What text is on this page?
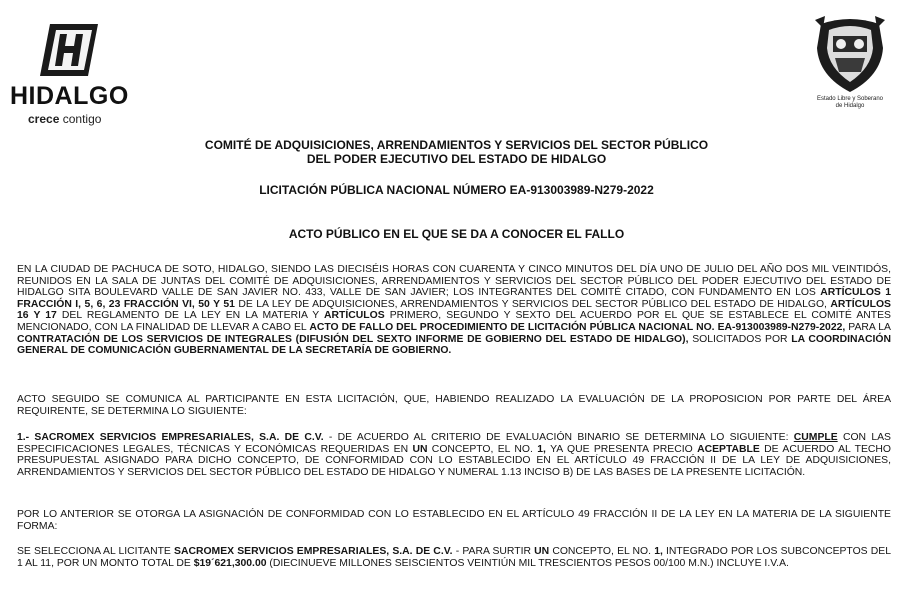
HIDALGO
crece contigo
Estado Libre y Soberano
de Hidalgo
COMITÉ DE ADQUISICIONES, ARRENDAMIENTOS Y SERVICIOS DEL SECTOR PÚBLICO
DEL PODER EJECUTIVO DEL ESTADO DE HIDALGO
LICITACIÓN PÚBLICA NACIONAL NÚMERO EA-913003989-N279-2022
ACTO PÚBLICO EN EL QUE SE DA A CONOCER EL FALLO
EN LA CIUDAD DE PACHUCA DE SOTO, HIDALGO, SIENDO LAS DIECISÉIS HORAS CON CUARENTA Y CINCO MINUTOS DEL DÍA UNO DE JULIO DEL AÑO DOS MIL VEINTIDÓS, REUNIDOS EN LA SALA DE JUNTAS DEL COMITÉ DE ADQUISICIONES, ARRENDAMIENTOS Y SERVICIOS DEL SECTOR PÚBLICO DEL PODER EJECUTIVO DEL ESTADO DE HIDALGO SITA BOULEVARD VALLE DE SAN JAVIER NO. 433, VALLE DE SAN JAVIER; LOS INTEGRANTES DEL COMITÉ CITADO, CON FUNDAMENTO EN LOS ARTÍCULOS 1 FRACCIÓN I, 5, 6, 23 FRACCIÓN VI, 50 Y 51 DE LA LEY DE ADQUISICIONES, ARRENDAMIENTOS Y SERVICIOS DEL SECTOR PÚBLICO DEL ESTADO DE HIDALGO, ARTÍCULOS 16 Y 17 DEL REGLAMENTO DE LA LEY EN LA MATERIA Y ARTÍCULOS PRIMERO, SEGUNDO Y SEXTO DEL ACUERDO POR EL QUE SE ESTABLECE EL COMITÉ ANTES MENCIONADO, CON LA FINALIDAD DE LLEVAR A CABO EL ACTO DE FALLO DEL PROCEDIMIENTO DE LICITACIÓN PÚBLICA NACIONAL NO. EA-913003989-N279-2022, PARA LA CONTRATACIÓN DE LOS SERVICIOS DE INTEGRALES (DIFUSIÓN DEL SEXTO INFORME DE GOBIERNO DEL ESTADO DE HIDALGO), SOLICITADOS POR LA COORDINACIÓN GENERAL DE COMUNICACIÓN GUBERNAMENTAL DE LA SECRETARÍA DE GOBIERNO.
ACTO SEGUIDO SE COMUNICA AL PARTICIPANTE EN ESTA LICITACIÓN, QUE, HABIENDO REALIZADO LA EVALUACIÓN DE LA PROPOSICION POR PARTE DEL ÁREA REQUIRENTE, SE DETERMINA LO SIGUIENTE:
1.- SACROMEX SERVICIOS EMPRESARIALES, S.A. DE C.V. - DE ACUERDO AL CRITERIO DE EVALUACIÓN BINARIO SE DETERMINA LO SIGUIENTE: CUMPLE CON LAS ESPECIFICACIONES LEGALES, TÉCNICAS Y ECONÓMICAS REQUERIDAS EN UN CONCEPTO, EL NO. 1, YA QUE PRESENTA PRECIO ACEPTABLE DE ACUERDO AL TECHO PRESUPUESTAL ASIGNADO PARA DICHO CONCEPTO, DE CONFORMIDAD CON LO ESTABLECIDO EN EL ARTÍCULO 49 FRACCIÓN II DE LA LEY DE ADQUISICIONES, ARRENDAMIENTOS Y SERVICIOS DEL SECTOR PÚBLICO DEL ESTADO DE HIDALGO Y NUMERAL 1.13 INCISO B) DE LAS BASES DE LA PRESENTE LICITACIÓN.
POR LO ANTERIOR SE OTORGA LA ASIGNACIÓN DE CONFORMIDAD CON LO ESTABLECIDO EN EL ARTÍCULO 49 FRACCIÓN II DE LA LEY EN LA MATERIA DE LA SIGUIENTE FORMA:
SE SELECCIONA AL LICITANTE SACROMEX SERVICIOS EMPRESARIALES, S.A. DE C.V. - PARA SURTIR UN CONCEPTO, EL NO. 1, INTEGRADO POR LOS SUBCONCEPTOS DEL 1 AL 11, POR UN MONTO TOTAL DE $19´621,300.00 (DIECINUEVE MILLONES SEISCIENTOS VEINTIÚN MIL TRESCIENTOS PESOS 00/100 M.N.) INCLUYE I.V.A.
